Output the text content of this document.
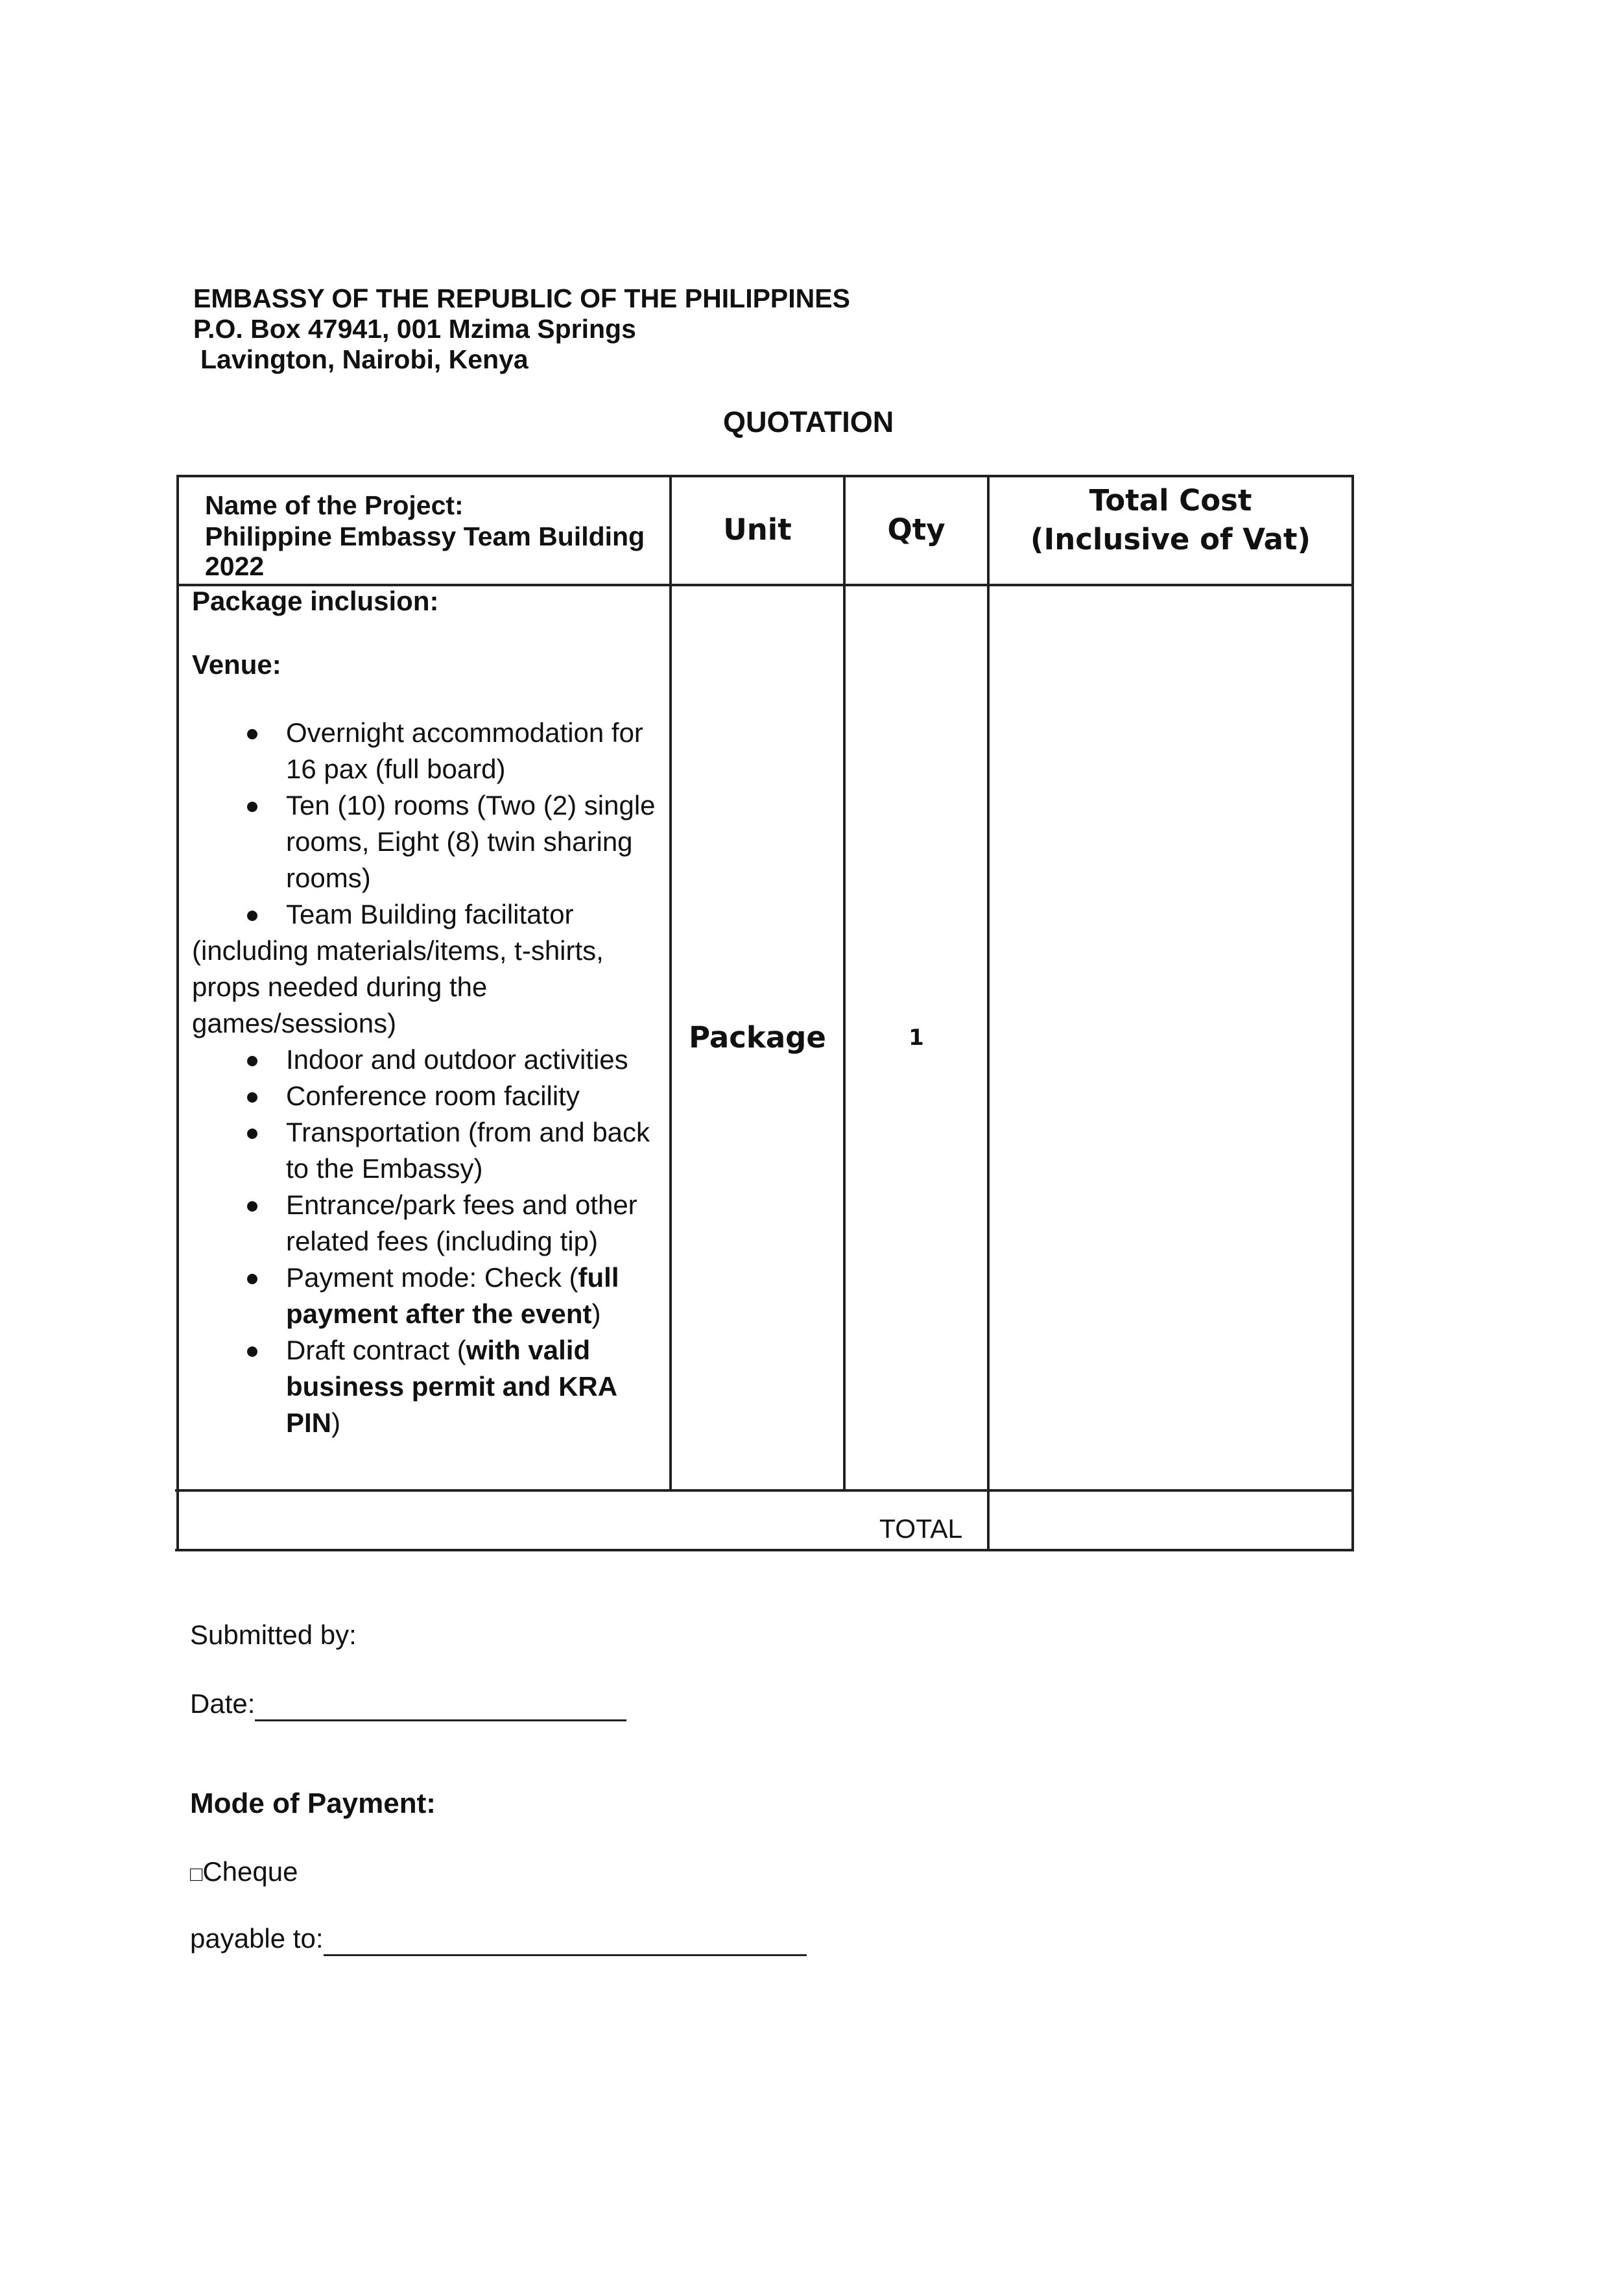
EMBASSY OF THE REPUBLIC OF THE PHILIPPINES
P.O. Box 47941, 001 Mzima Springs
Lavington, Nairobi, Kenya
QUOTATION
Name of the Project:
Philippine Embassy Team Building
2022
Unit	Qty
Total Cost
(Inclusive of Vat)
Package inclusion:
Venue:
Overnight accommodation for 16 pax (full board)
Ten (10) rooms (Two (2) single rooms, Eight (8) twin sharing rooms)
Team Building facilitator
(including materials/items, t-shirts, props needed during the games/sessions)
Indoor and outdoor activities
Conference room facility
Transportation (from and back to the Embassy)
Entrance/park fees and other related fees (including tip)
Payment mode: Check (full payment after the event)
Draft contract (with valid business permit and KRA PIN)
Package	1
TOTAL
Submitted by:
Date:
Mode of Payment:
□Cheque
payable to:
